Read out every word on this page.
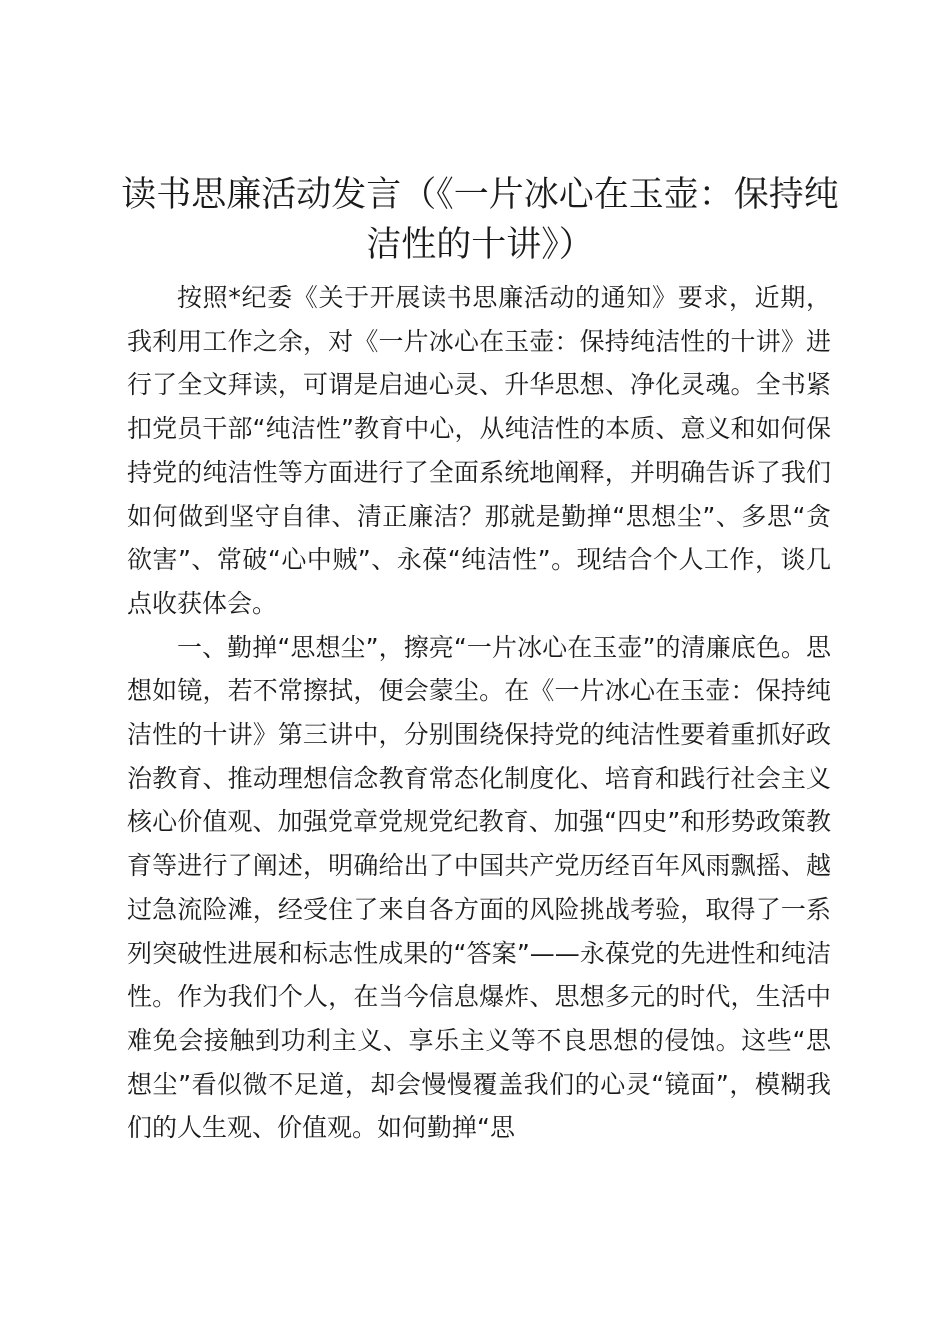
读书思廉活动发言（《一片冰心在玉壶：保持纯洁性的十讲》）

按照*纪委《关于开展读书思廉活动的通知》要求，近期，我利用工作之余，对《一片冰心在玉壶：保持纯洁性的十讲》进行了全文拜读，可谓是启迪心灵、升华思想、净化灵魂。全书紧扣党员干部“纯洁性”教育中心，从纯洁性的本质、意义和如何保持党的纯洁性等方面进行了全面系统地阐释，并明确告诉了我们如何做到坚守自律、清正廉洁？那就是勤掸“思想尘”、多思“贪欲害”、常破“心中贼”、永葆“纯洁性”。现结合个人工作，谈几点收获体会。

一、勤掸“思想尘”，擦亮“一片冰心在玉壶”的清廉底色。思想如镜，若不常擦拭，便会蒙尘。在《一片冰心在玉壶：保持纯洁性的十讲》第三讲中，分别围绕保持党的纯洁性要着重抓好政治教育、推动理想信念教育常态化制度化、培育和践行社会主义核心价值观、加强党章党规党纪教育、加强“四史”和形势政策教育等进行了阐述，明确给出了中国共产党历经百年风雨飘摇、越过急流险滩，经受住了来自各方面的风险挑战考验，取得了一系列突破性进展和标志性成果的“答案”——永葆党的先进性和纯洁性。作为我们个人，在当今信息爆炸、思想多元的时代，生活中难免会接触到功利主义、享乐主义等不良思想的侵蚀。这些“思想尘”看似微不足道，却会慢慢覆盖我们的心灵“镜面”，模糊我们的人生观、价值观。如何勤掸“思
